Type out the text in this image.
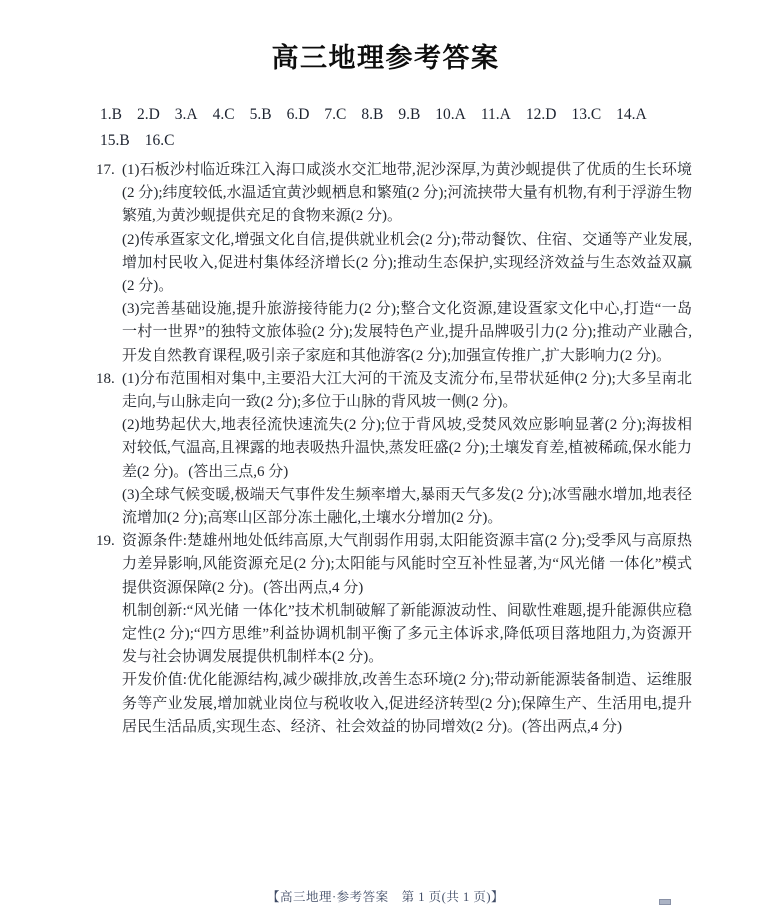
高三地理参考答案
1.B 2.D 3.A 4.C 5.B 6.D 7.C 8.B 9.B 10.A 11.A 12.D 13.C 14.A
15.B 16.C
17. (1)石板沙村临近珠江入海口咸淡水交汇地带,泥沙深厚,为黄沙蚬提供了优质的生长环境(2 分);纬度较低,水温适宜黄沙蚬栖息和繁殖(2 分);河流挟带大量有机物,有利于浮游生物繁殖,为黄沙蚬提供充足的食物来源(2 分)。

(2)传承疍家文化,增强文化自信,提供就业机会(2 分);带动餐饮、住宿、交通等产业发展,增加村民收入,促进村集体经济增长(2 分);推动生态保护,实现经济效益与生态效益双赢(2 分)。

(3)完善基础设施,提升旅游接待能力(2 分);整合文化资源,建设疍家文化中心,打造“一岛一村一世界”的独特文旅体验(2 分);发展特色产业,提升品牌吸引力(2 分);推动产业融合,开发自然教育课程,吸引亲子家庭和其他游客(2 分);加强宣传推广,扩大影响力(2 分)。

18. (1)分布范围相对集中,主要沿大江大河的干流及支流分布,呈带状延伸(2 分);大多呈南北走向,与山脉走向一致(2 分);多位于山脉的背风坡一侧(2 分)。

(2)地势起伏大,地表径流快速流失(2 分);位于背风坡,受焚风效应影响显著(2 分);海拔相对较低,气温高,且裸露的地表吸热升温快,蒸发旺盛(2 分);土壤发育差,植被稀疏,保水能力差(2 分)。(答出三点,6 分)

(3)全球气候变暖,极端天气事件发生频率增大,暴雨天气多发(2 分);冰雪融水增加,地表径流增加(2 分);高寒山区部分冻土融化,土壤水分增加(2 分)。

19. 资源条件:楚雄州地处低纬高原,大气削弱作用弱,太阳能资源丰富(2 分);受季风与高原热力差异影响,风能资源充足(2 分);太阳能与风能时空互补性显著,为“风光储 一体化”模式提供资源保障(2 分)。(答出两点,4 分)

机制创新:“风光储 一体化”技术机制破解了新能源波动性、间歇性难题,提升能源供应稳定性(2 分);“四方思维”利益协调机制平衡了多元主体诉求,降低项目落地阻力,为资源开发与社会协调发展提供机制样本(2 分)。

开发价值:优化能源结构,减少碳排放,改善生态环境(2 分);带动新能源装备制造、运维服务等产业发展,增加就业岗位与税收收入,促进经济转型(2 分);保障生产、生活用电,提升居民生活品质,实现生态、经济、社会效益的协同增效(2 分)。(答出两点,4 分)

【高三地理·参考答案　第 1 页(共 1 页)】
